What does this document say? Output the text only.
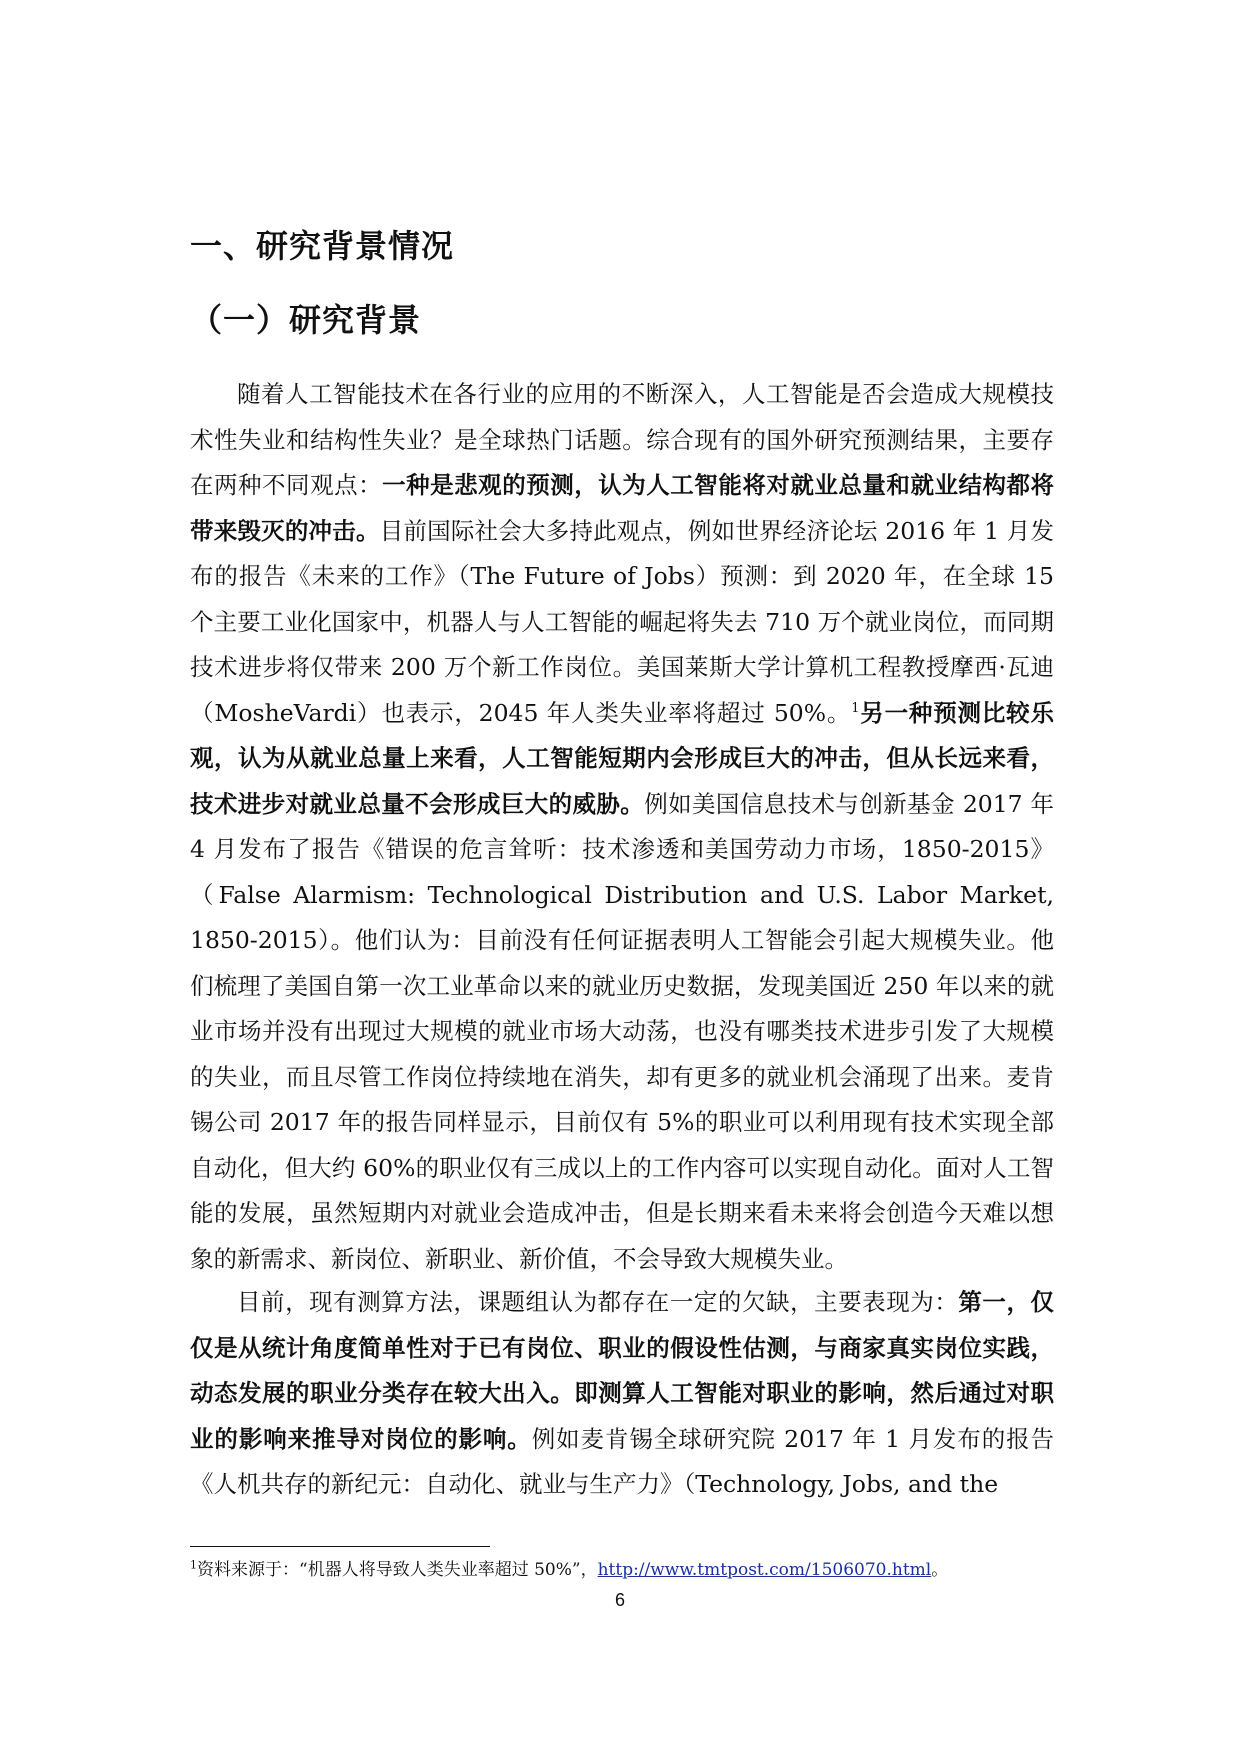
一、研究背景情况
（一）研究背景

随着人工智能技术在各行业的应用的不断深入，人工智能是否会造成大规模技术性失业和结构性失业？是全球热门话题。综合现有的国外研究预测结果，主要存在两种不同观点：一种是悲观的预测，认为人工智能将对就业总量和就业结构都将带来毁灭的冲击。目前国际社会大多持此观点，例如世界经济论坛 2016 年 1 月发布的报告《未来的工作》（The Future of Jobs）预测：到 2020 年，在全球 15 个主要工业化国家中，机器人与人工智能的崛起将失去 710 万个就业岗位，而同期技术进步将仅带来 200 万个新工作岗位。美国莱斯大学计算机工程教授摩西·瓦迪（MosheVardi）也表示，2045 年人类失业率将超过 50%。$^1$另一种预测比较乐观，认为从就业总量上来看，人工智能短期内会形成巨大的冲击，但从长远来看，技术进步对就业总量不会形成巨大的威胁。例如美国信息技术与创新基金 2017 年 4 月发布了报告《错误的危言耸听：技术渗透和美国劳动力市场，1850-2015》（False Alarmism: Technological Distribution and U.S. Labor Market, 1850-2015）。他们认为：目前没有任何证据表明人工智能会引起大规模失业。他们梳理了美国自第一次工业革命以来的就业历史数据，发现美国近 250 年以来的就业市场并没有出现过大规模的就业市场大动荡，也没有哪类技术进步引发了大规模的失业，而且尽管工作岗位持续地在消失，却有更多的就业机会涌现了出来。麦肯锡公司 2017 年的报告同样显示，目前仅有 5%的职业可以利用现有技术实现全部自动化，但大约 60%的职业仅有三成以上的工作内容可以实现自动化。面对人工智能的发展，虽然短期内对就业会造成冲击，但是长期来看未来将会创造今天难以想象的新需求、新岗位、新职业、新价值，不会导致大规模失业。

目前，现有测算方法，课题组认为都存在一定的欠缺，主要表现为：第一，仅仅是从统计角度简单性对于已有岗位、职业的假设性估测，与商家真实岗位实践，动态发展的职业分类存在较大出入。即测算人工智能对职业的影响，然后通过对职业的影响来推导对岗位的影响。例如麦肯锡全球研究院 2017 年 1 月发布的报告《人机共存的新纪元：自动化、就业与生产力》（Technology, Jobs, and the

$^1$资料来源于：“机器人将导致人类失业率超过 50%”，http://www.tmtpost.com/1506070.html。

6
